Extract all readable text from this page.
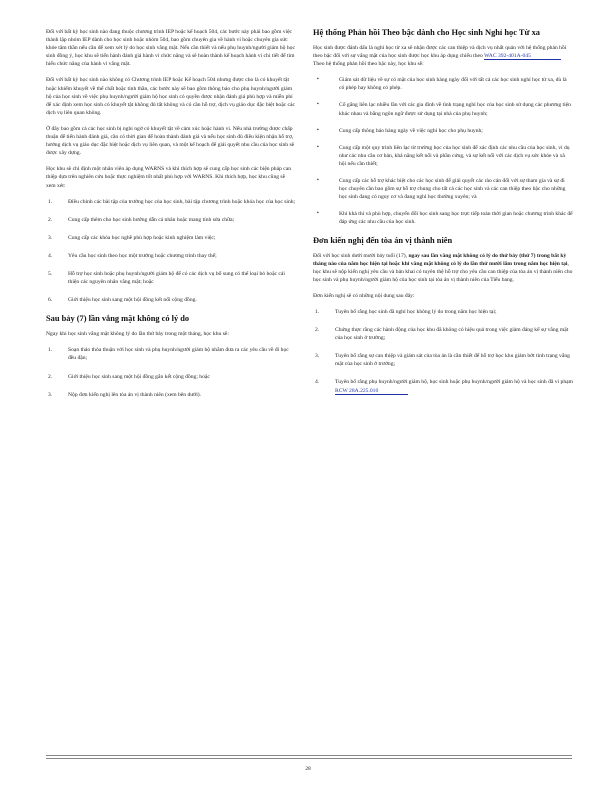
Đối với bất kỳ học sinh nào đang thuộc chương trình IEP hoặc kế hoạch 504, các bước này phải bao gồm việc thành lập nhóm IEP dành cho học sinh hoặc nhóm 504, bao gồm chuyên gia về hành vi hoặc chuyên gia sức khỏe tâm thần nếu cần để xem xét lý do học sinh vắng mặt. Nếu cần thiết và nếu phụ huynh/người giám hộ học sinh đồng ý, học khu sẽ tiến hành đánh giá hành vi chức năng và sẽ hoàn thành kế hoạch hành vi chi tiết để tìm hiểu chức năng của hành vi vắng mặt.

Đối với bất kỳ học sinh nào không có Chương trình IEP hoặc Kế hoạch 504 nhưng được cho là có khuyết tật hoặc khiếm khuyết về thể chất hoặc tinh thần, các bước này sẽ bao gồm thông báo cho phụ huynh/người giám hộ của học sinh về việc phụ huynh/người giám hộ học sinh có quyền được nhận đánh giá phù hợp và miễn phí để xác định xem học sinh có khuyết tật không đủ tất không và có cần hỗ trợ, dịch vụ giáo dục đặc biệt hoặc các dịch vụ liên quan không.

Ở đây bao gồm cả các học sinh bị nghi ngờ có khuyết tật về cảm xúc hoặc hành vi. Nếu nhà trường được chấp thuận để tiến hành đánh giá, cần có thời gian để hoàn thành đánh giá và nếu học sinh đủ điều kiện nhận hỗ trợ, hướng dịch vụ giáo dục đặc biệt hoặc dịch vụ liên quan, và một kế hoạch để giải quyết nhu cầu của học sinh sẽ được xây dựng.

Học khu sẽ chỉ định một nhân viên áp dụng WARNS và khi thích hợp sẽ cung cấp học sinh các biện pháp can thiệp dựa trên nghiên cứu hoặc thực nghiệm tốt nhất phù hợp với WARNS. Khi thích hợp, học khu cũng sẽ xem xét:

1.	Điều chỉnh các bài tập của trường học của học sinh, bài tập chương trình hoặc khóa học của học sinh;
2.	Cung cấp thêm cho học sinh hướng dẫn cá nhân hoặc mang tính sửa chữa;
3.	Cung cấp các khóa học nghề phù hợp hoặc kinh nghiệm làm việc;
4.	Yêu cầu học sinh theo học một trường hoặc chương trình thay thế;
5.	Hỗ trợ học sinh hoặc phụ huynh/người giám hộ để có các dịch vụ bổ sung có thể loại bỏ hoặc cải thiện các nguyên nhân vắng mặt; hoặc
6.	Giới thiệu học sinh sang một hội đồng kết nối cộng đồng.
Sau bảy (7) lần vắng mặt không có lý do

Ngay khi học sinh vắng mặt không lý do lần thứ bảy trong một tháng, học khu sẽ:

1.	Soạn thảo thỏa thuận với học sinh và phụ huynh/người giám hộ nhằm đưa ra các yêu cầu về đi học đều đặn;
2.	Giới thiệu học sinh sang một hội đồng gắn kết cộng đồng; hoặc
3.	Nộp đơn kiến nghị lên tòa án vị thành niên (xem bên dưới).
Hệ thống Phản hồi Theo bậc dành cho Học sinh Nghỉ học Từ xa

Học sinh được đánh dấu là nghỉ học từ xa sẽ nhận được các can thiệp và dịch vụ nhất quán với hệ thống phản hồi theo bậc đối với sự vắng mặt của học sinh được học khu áp dụng chiểu theo WAC 392-401A-045
Theo hệ thống phản hồi theo bậc này, học khu sẽ:

▪	Giám sát dữ liệu về sự có mặt của học sinh hàng ngày đối với tất cả các học sinh nghỉ học từ xa, dù là có phép hay không có phép.
▪	Cố gắng liên lạc nhiều lần với các gia đình về tình trạng nghỉ học của học sinh sử dụng các phương tiện khác nhau và bằng ngôn ngữ được sử dụng tại nhà của phụ huynh;
▪	Cung cấp thông báo hàng ngày về việc nghỉ học cho phụ huynh;
▪	Cung cấp một quy trình liên lạc từ trường học của học sinh để xác định các nhu cầu của học sinh, ví dụ như các nhu cầu cơ bản, khả năng kết nối và phần cứng, và sự kết nối với các dịch vụ sức khỏe và xã hội nếu cần thiết;
▪	Cung cấp các hỗ trợ khác biệt cho các học sinh để giải quyết các rào cản đối với sự tham gia và sự đi học chuyên cần bao gồm sự hỗ trợ chung cho tất cả các học sinh và các can thiệp theo bậc cho những học sinh đang có nguy cơ và đang nghỉ học thường xuyên; và
▪	Khi khả thi và phù hợp, chuyển đổi học sinh sang học trực tiếp toàn thời gian hoặc chương trình khác để đáp ứng các nhu cầu của học sinh.
Đơn kiến nghị đến tòa án vị thành niên

Đối với học sinh dưới mười bảy tuổi (17), ngay sau lần vắng mặt không có lý do thứ bảy (thứ 7) trong bất kỳ tháng nào của năm học hiện tại hoặc khi vắng mặt không có lý do lần thứ mười lăm trong năm học hiện tại, học khu sẽ nộp kiến nghị yêu cầu và bản khai có tuyên thệ hỗ trợ cho yêu cầu can thiệp của tòa án vị thành niên cho học sinh và phụ huynh/người giám hộ của học sinh tại tòa án vị thành niên của Tiểu bang.

Đơn kiến nghị sẽ có những nội dung sau đây:

1.	Tuyên bố rằng học sinh đã nghỉ học không lý do trong năm học hiện tại;
2.	Chứng thực rằng các hành động của học khu đã không có hiệu quả trong việc giảm đáng kể sự vắng mặt của học sinh ở trường;
3.	Tuyên bố rằng sự can thiệp và giám sát của tòa án là cần thiết để hỗ trợ học khu giảm bớt tình trạng vắng mặt của học sinh ở trường;
4.	Tuyên bố rằng phụ huynh/người giám hộ, học sinh hoặc phụ huynh/người giám hộ và học sinh đã vi phạm RCW 28A.225.010
28
